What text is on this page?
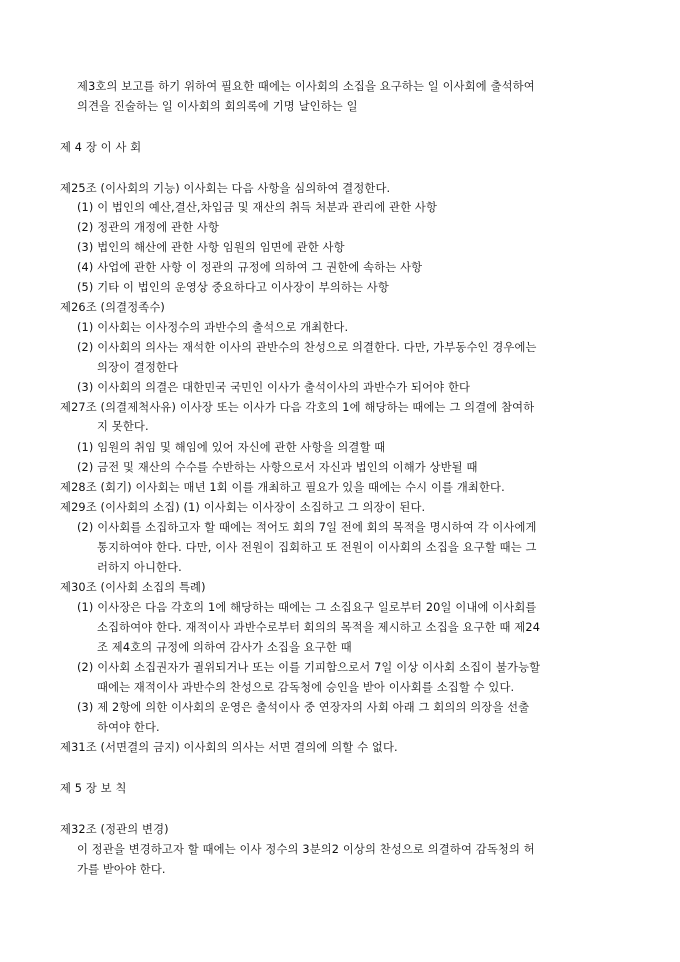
제3호의 보고를 하기 위하여 필요한 때에는 이사회의 소집을 요구하는 일 이사회에 출석하여
의견을 진술하는 일 이사회의 회의록에 기명 날인하는 일
제 4 장 이 사 회
제25조 (이사회의 기능) 이사회는 다음 사항을 심의하여 결정한다.
(1) 이 법인의 예산,결산,차입금 및 재산의 취득 처분과 관리에 관한 사항
(2) 정관의 개정에 관한 사항
(3) 법인의 해산에 관한 사항 임원의 임면에 관한 사항
(4) 사업에 관한 사항 이 정관의 규정에 의하여 그 권한에 속하는 사항
(5) 기타 이 법인의 운영상 중요하다고 이사장이 부의하는 사항
제26조 (의결정족수)
(1) 이사회는 이사정수의 과반수의 출석으로 개최한다.
(2) 이사회의 의사는 재석한 이사의 관반수의 찬성으로 의결한다. 다만, 가부동수인 경우에는
의장이 결정한다
(3) 이사회의 의결은 대한민국 국민인 이사가 출석이사의 과반수가 되어야 한다
제27조 (의결제척사유) 이사장 또는 이사가 다음 각호의 1에 해당하는 때에는 그 의결에 참여하
지 못한다.
(1) 임원의 취임 및 해임에 있어 자신에 관한 사항을 의결할 때
(2) 금전 및 재산의 수수를 수반하는 사항으로서 자신과 법인의 이해가 상반될 때
제28조 (회기) 이사회는 매년 1회 이를 개최하고 필요가 있을 때에는 수시 이를 개최한다.
제29조 (이사회의 소집) (1) 이사회는 이사장이 소집하고 그 의장이 된다.
(2) 이사회를 소집하고자 할 때에는 적어도 회의 7일 전에 회의 목적을 명시하여 각 이사에게
통지하여야 한다. 다만, 이사 전원이 집회하고 또 전원이 이사회의 소집을 요구할 때는 그
러하지 아니한다.
제30조 (이사회 소집의 특례)
(1) 이사장은 다음 각호의 1에 해당하는 때에는 그 소집요구 일로부터 20일 이내에 이사회를
소집하여야 한다. 재적이사 과반수로부터 회의의 목적을 제시하고 소집을 요구한 때 제24
조 제4호의 규정에 의하여 감사가 소집을 요구한 때
(2) 이사회 소집권자가 궐위되거나 또는 이를 기피함으로서 7일 이상 이사회 소집이 불가능할
때에는 재적이사 과반수의 찬성으로 감독청에 승인을 받아 이사회를 소집할 수 있다.
(3) 제 2항에 의한 이사회의 운영은 출석이사 중 연장자의 사회 아래 그 회의의 의장을 선출
하여야 한다.
제31조 (서면결의 금지) 이사회의 의사는 서면 결의에 의할 수 없다.
제 5 장 보 칙
제32조 (정관의 변경)
이 정관을 변경하고자 할 때에는 이사 정수의 3분의2 이상의 찬성으로 의결하여 감독청의 허
가를 받아야 한다.
